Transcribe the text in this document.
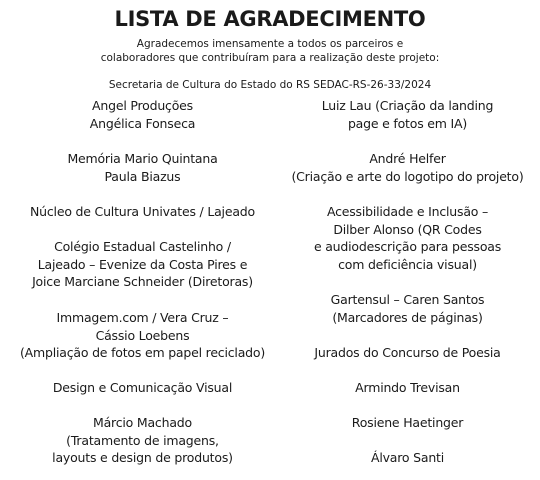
LISTA DE AGRADECIMENTO
Agradecemos imensamente a todos os parceiros e
colaboradores que contribuíram para a realização deste projeto:
Secretaria de Cultura do Estado do RS SEDAC-RS-26-33/2024
Angel Produções
Angélica Fonseca
Memória Mario Quintana
Paula Biazus
Núcleo de Cultura Univates / Lajeado
Colégio Estadual Castelinho /
Lajeado – Evenize da Costa Pires e
Joice Marciane Schneider (Diretoras)
Immagem.com / Vera Cruz –
Cássio Loebens
(Ampliação de fotos em papel reciclado)
Design e Comunicação Visual
Márcio Machado
(Tratamento de imagens,
layouts e design de produtos)
Luiz Lau (Criação da landing
page e fotos em IA)
André Helfer
(Criação e arte do logotipo do projeto)
Acessibilidade e Inclusão –
Dilber Alonso (QR Codes
e audiodescrição para pessoas
com deficiência visual)
Gartensul – Caren Santos
(Marcadores de páginas)
Jurados do Concurso de Poesia
Armindo Trevisan
Rosiene Haetinger
Álvaro Santi
